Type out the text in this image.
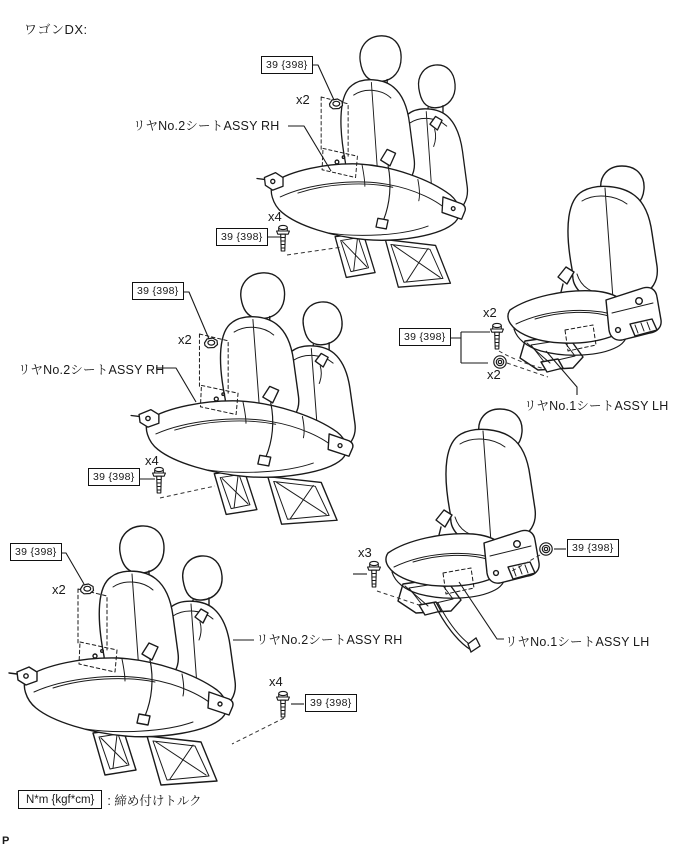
ワゴンDX:
リヤNo.2シートASSY RH
リヤNo.2シートASSY RH
リヤNo.1シートASSY LH
リヤNo.2シートASSY RH	リヤNo.1シートASSY LH
39 {398}
39 {398}
39 {398}
39 {398}
39 {398}
39 {398}
39 {398}
39 {398}
x2
x4
x2
x4
x2
x2
x2
x4
x3
N*m {kgf*cm}	: 締め付けトルク
P
